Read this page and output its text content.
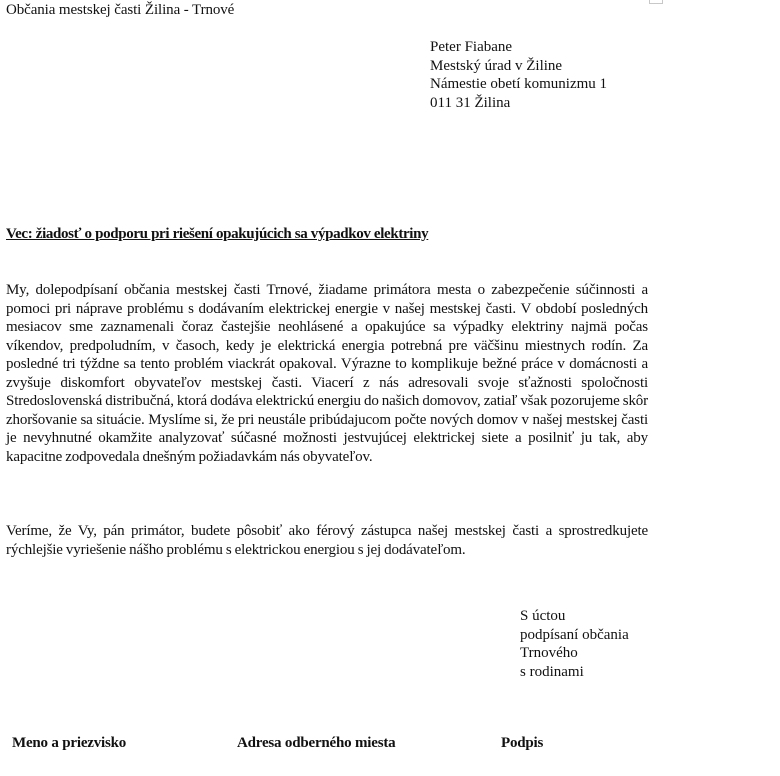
Občania mestskej časti Žilina - Trnové
Peter Fiabane
Mestský úrad v Žiline
Námestie obetí komunizmu 1
011 31 Žilina
Vec: žiadosť o podporu pri riešení opakujúcich sa výpadkov elektriny
My, dolepodpísaní občania mestskej časti Trnové, žiadame primátora mesta o zabezpečenie súčinnosti a pomoci pri náprave problému s dodávaním elektrickej energie v našej mestskej časti. V období posledných mesiacov sme zaznamenali čoraz častejšie neohlásené a opakujúce sa výpadky elektriny najmä počas víkendov, predpoludním, v časoch, kedy je elektrická energia potrebná pre väčšinu miestnych rodín. Za posledné tri týždne sa tento problém viackrát opakoval. Výrazne to komplikuje bežné práce v domácnosti a zvyšuje diskomfort obyvateľov mestskej časti. Viacerí z nás adresovali svoje sťažnosti spoločnosti Stredoslovenská distribučná, ktorá dodáva elektrickú energiu do našich domovov, zatiaľ však pozorujeme skôr zhoršovanie sa situácie. Myslíme si, že pri neustále pribúdajucom počte nových domov v našej mestskej časti je nevyhnutné okamžite analyzovať súčasné možnosti jestvujúcej elektrickej siete a posilniť ju tak, aby kapacitne zodpovedala dnešným požiadavkám nás obyvateľov.
Veríme, že Vy, pán primátor, budete pôsobiť ako férový zástupca našej mestskej časti a sprostredkujete rýchlejšie vyriešenie nášho problému s elektrickou energiou s jej dodávateľom.
S úctou
podpísaní občania
Trnového
s rodinami
Meno a priezvisko	Adresa odberného miesta	Podpis
